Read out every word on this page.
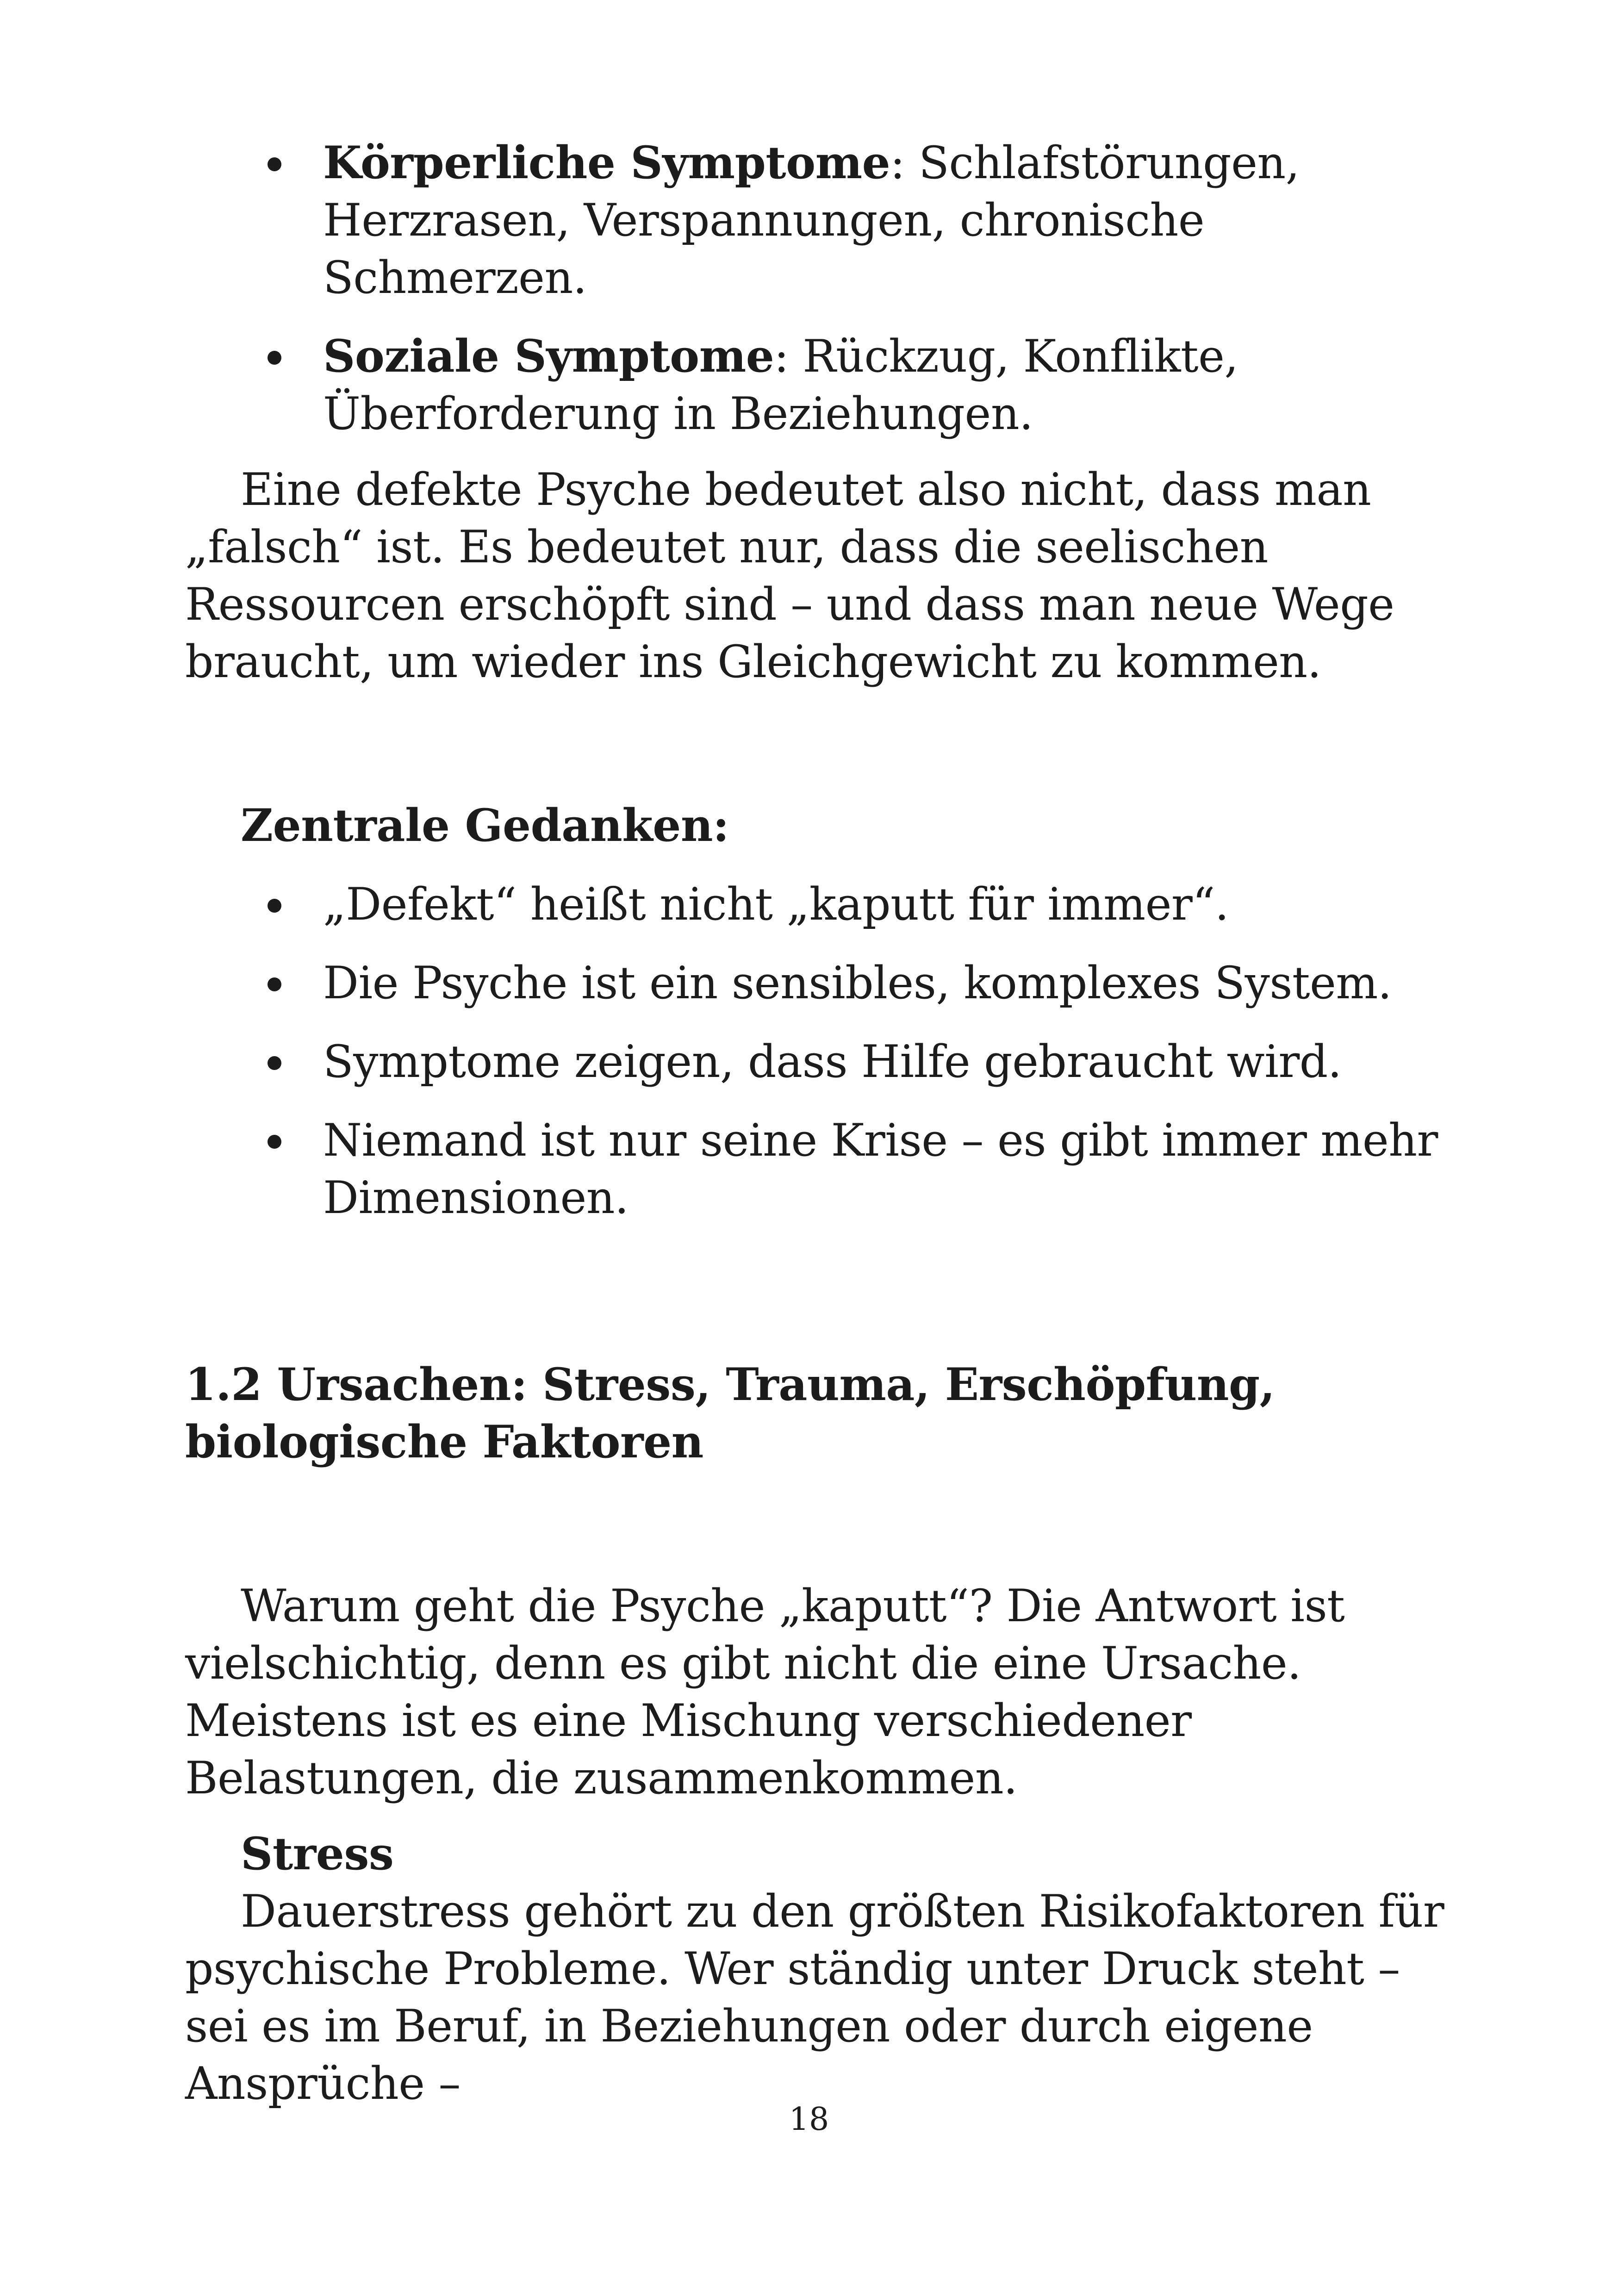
Körperliche Symptome: Schlafstörungen, Herzrasen, Verspannungen, chronische Schmerzen.
Soziale Symptome: Rückzug, Konflikte, Überforderung in Beziehungen.

Eine defekte Psyche bedeutet also nicht, dass man „falsch“ ist. Es bedeutet nur, dass die seelischen Ressourcen erschöpft sind – und dass man neue Wege braucht, um wieder ins Gleichgewicht zu kommen.

Zentrale Gedanken:

„Defekt“ heißt nicht „kaputt für immer“.
Die Psyche ist ein sensibles, komplexes System.
Symptome zeigen, dass Hilfe gebraucht wird.
Niemand ist nur seine Krise – es gibt immer mehr Dimensionen.

1.2 Ursachen: Stress, Trauma, Erschöpfung, biologische Faktoren

Warum geht die Psyche „kaputt“? Die Antwort ist vielschichtig, denn es gibt nicht die eine Ursache. Meistens ist es eine Mischung verschiedener Belastungen, die zusammenkommen.

Stress

Dauerstress gehört zu den größten Risikofaktoren für psychische Probleme. Wer ständig unter Druck steht – sei es im Beruf, in Beziehungen oder durch eigene Ansprüche –

18
